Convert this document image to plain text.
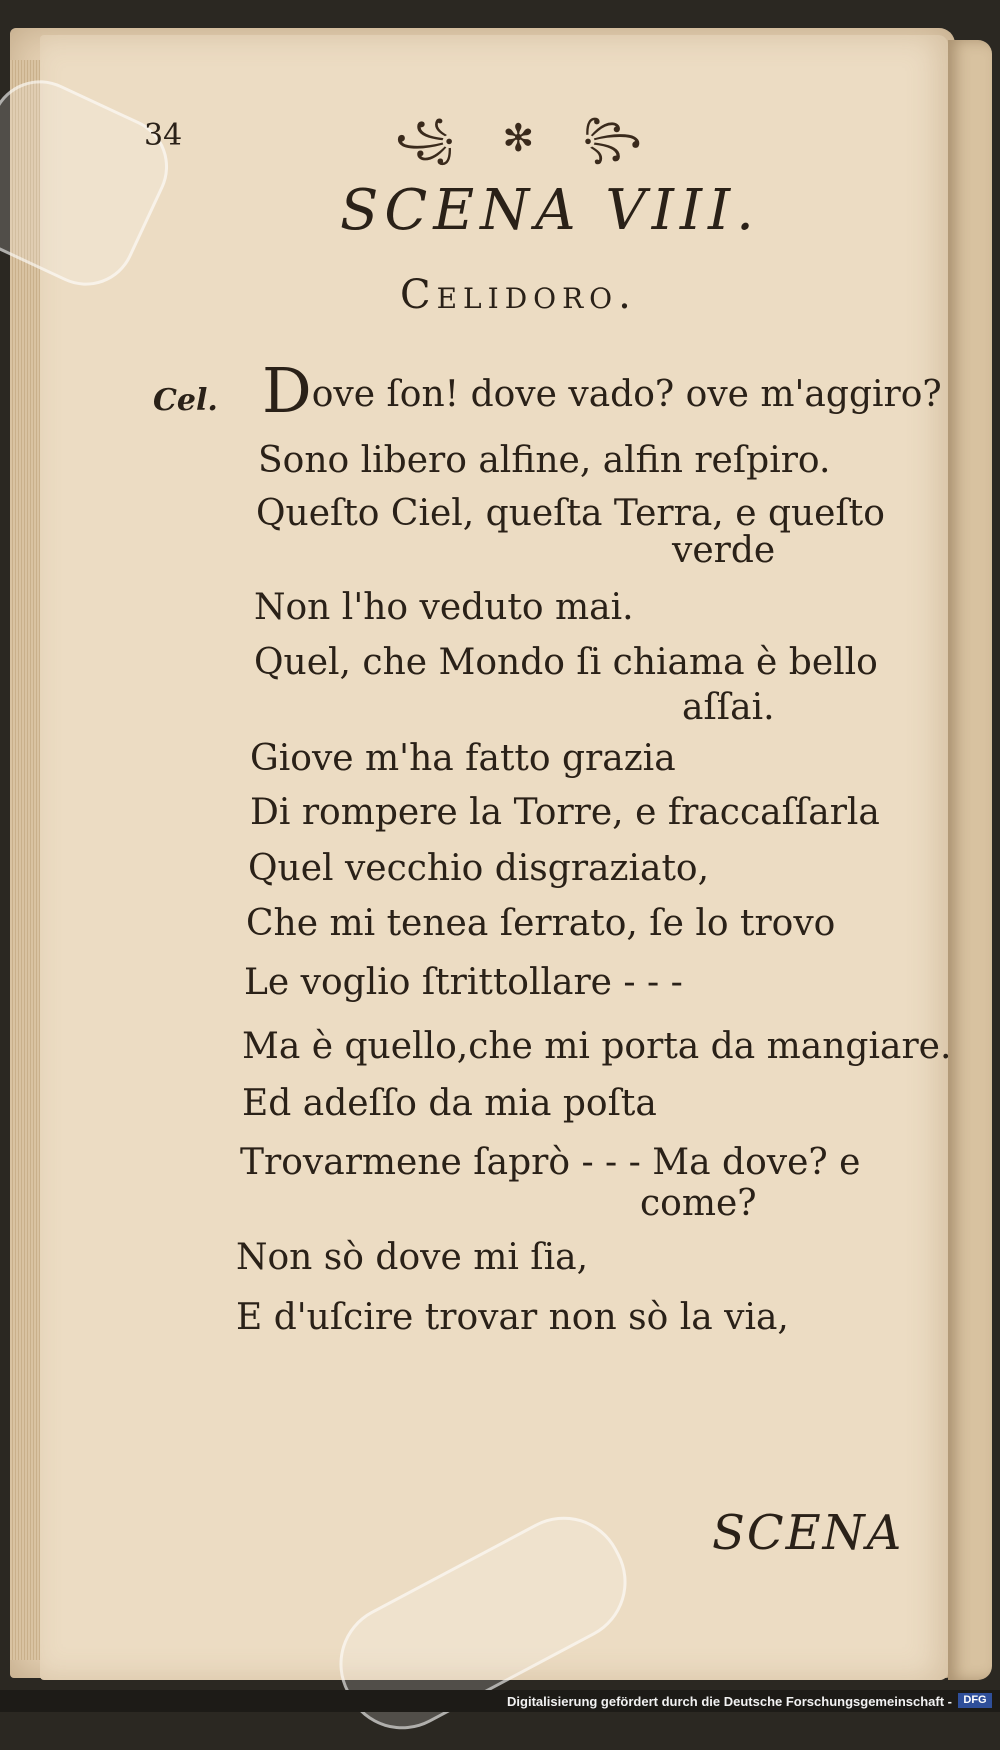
34	꧁ ✻ ꧂
SCENA VIII.
Celidoro.
Cel. Dove ſon! dove vado? ove m'aggiro?
Sono libero alfine, alfin reſpiro.
Queſto Ciel, queſta Terra, e queſto
verde
Non l'ho veduto mai.
Quel, che Mondo ſi chiama è bello
aſſai.
Giove m'ha fatto grazia
Di rompere la Torre, e fraccaſſarla
Quel vecchio disgraziato,
Che mi tenea ſerrato, ſe lo trovo
Le voglio ſtrittollare - - -
Ma è quello,che mi porta da mangiare.
Ed adeſſo da mia poſta
Trovarmene ſaprò - - - Ma dove? e
come?
Non sò dove mi ſia,
E d'uſcire trovar non sò la via,
SCENA
Digitalisierung gefördert durch die Deutsche Forschungsgemeinschaft -	DFG
